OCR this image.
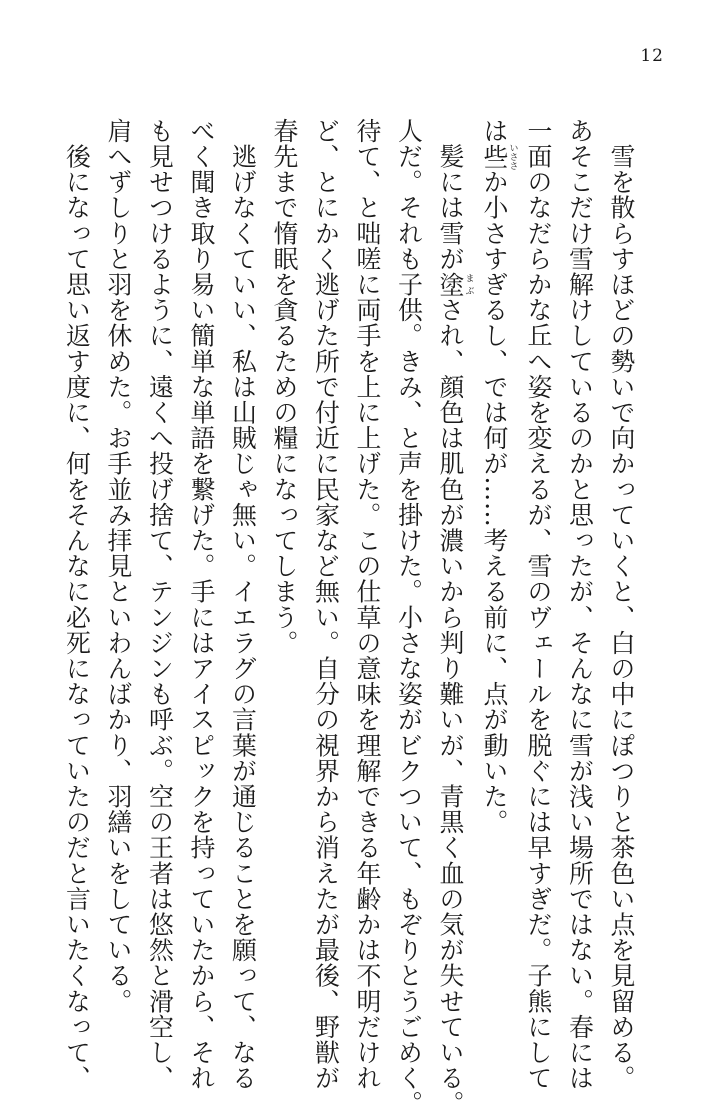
12
　雪を散らすほどの勢いで向かっていくと、白の中にぽつりと茶色い点を見留める。
あそこだけ雪解けしているのかと思ったが、そんなに雪が浅い場所ではない。春には
一面のなだらかな丘へ姿を変えるが、雪のヴェールを脱ぐには早すぎだ。子熊にして
は些いささか小さすぎるし、では何が……考える前に、点が動いた。
　髪には雪が塗まぶされ、顔色は肌色が濃いから判り難いが、青黒く血の気が失せている。
人だ。それも子供。きみ、と声を掛けた。小さな姿がビクついて、もぞりとうごめく。
待て、と咄嗟に両手を上に上げた。この仕草の意味を理解できる年齢かは不明だけれ
ど、とにかく逃げた所で付近に民家など無い。自分の視界から消えたが最後、野獣が
春先まで惰眠を貪るための糧になってしまう。
　逃げなくていい、私は山賊じゃ無い。イエラグの言葉が通じることを願って、なる
べく聞き取り易い簡単な単語を繋げた。手にはアイスピックを持っていたから、それ
も見せつけるように、遠くへ投げ捨て、テンジンも呼ぶ。空の王者は悠然と滑空し、
肩へずしりと羽を休めた。お手並み拝見といわんばかり、羽繕いをしている。
　後になって思い返す度に、何をそんなに必死になっていたのだと言いたくなって、
